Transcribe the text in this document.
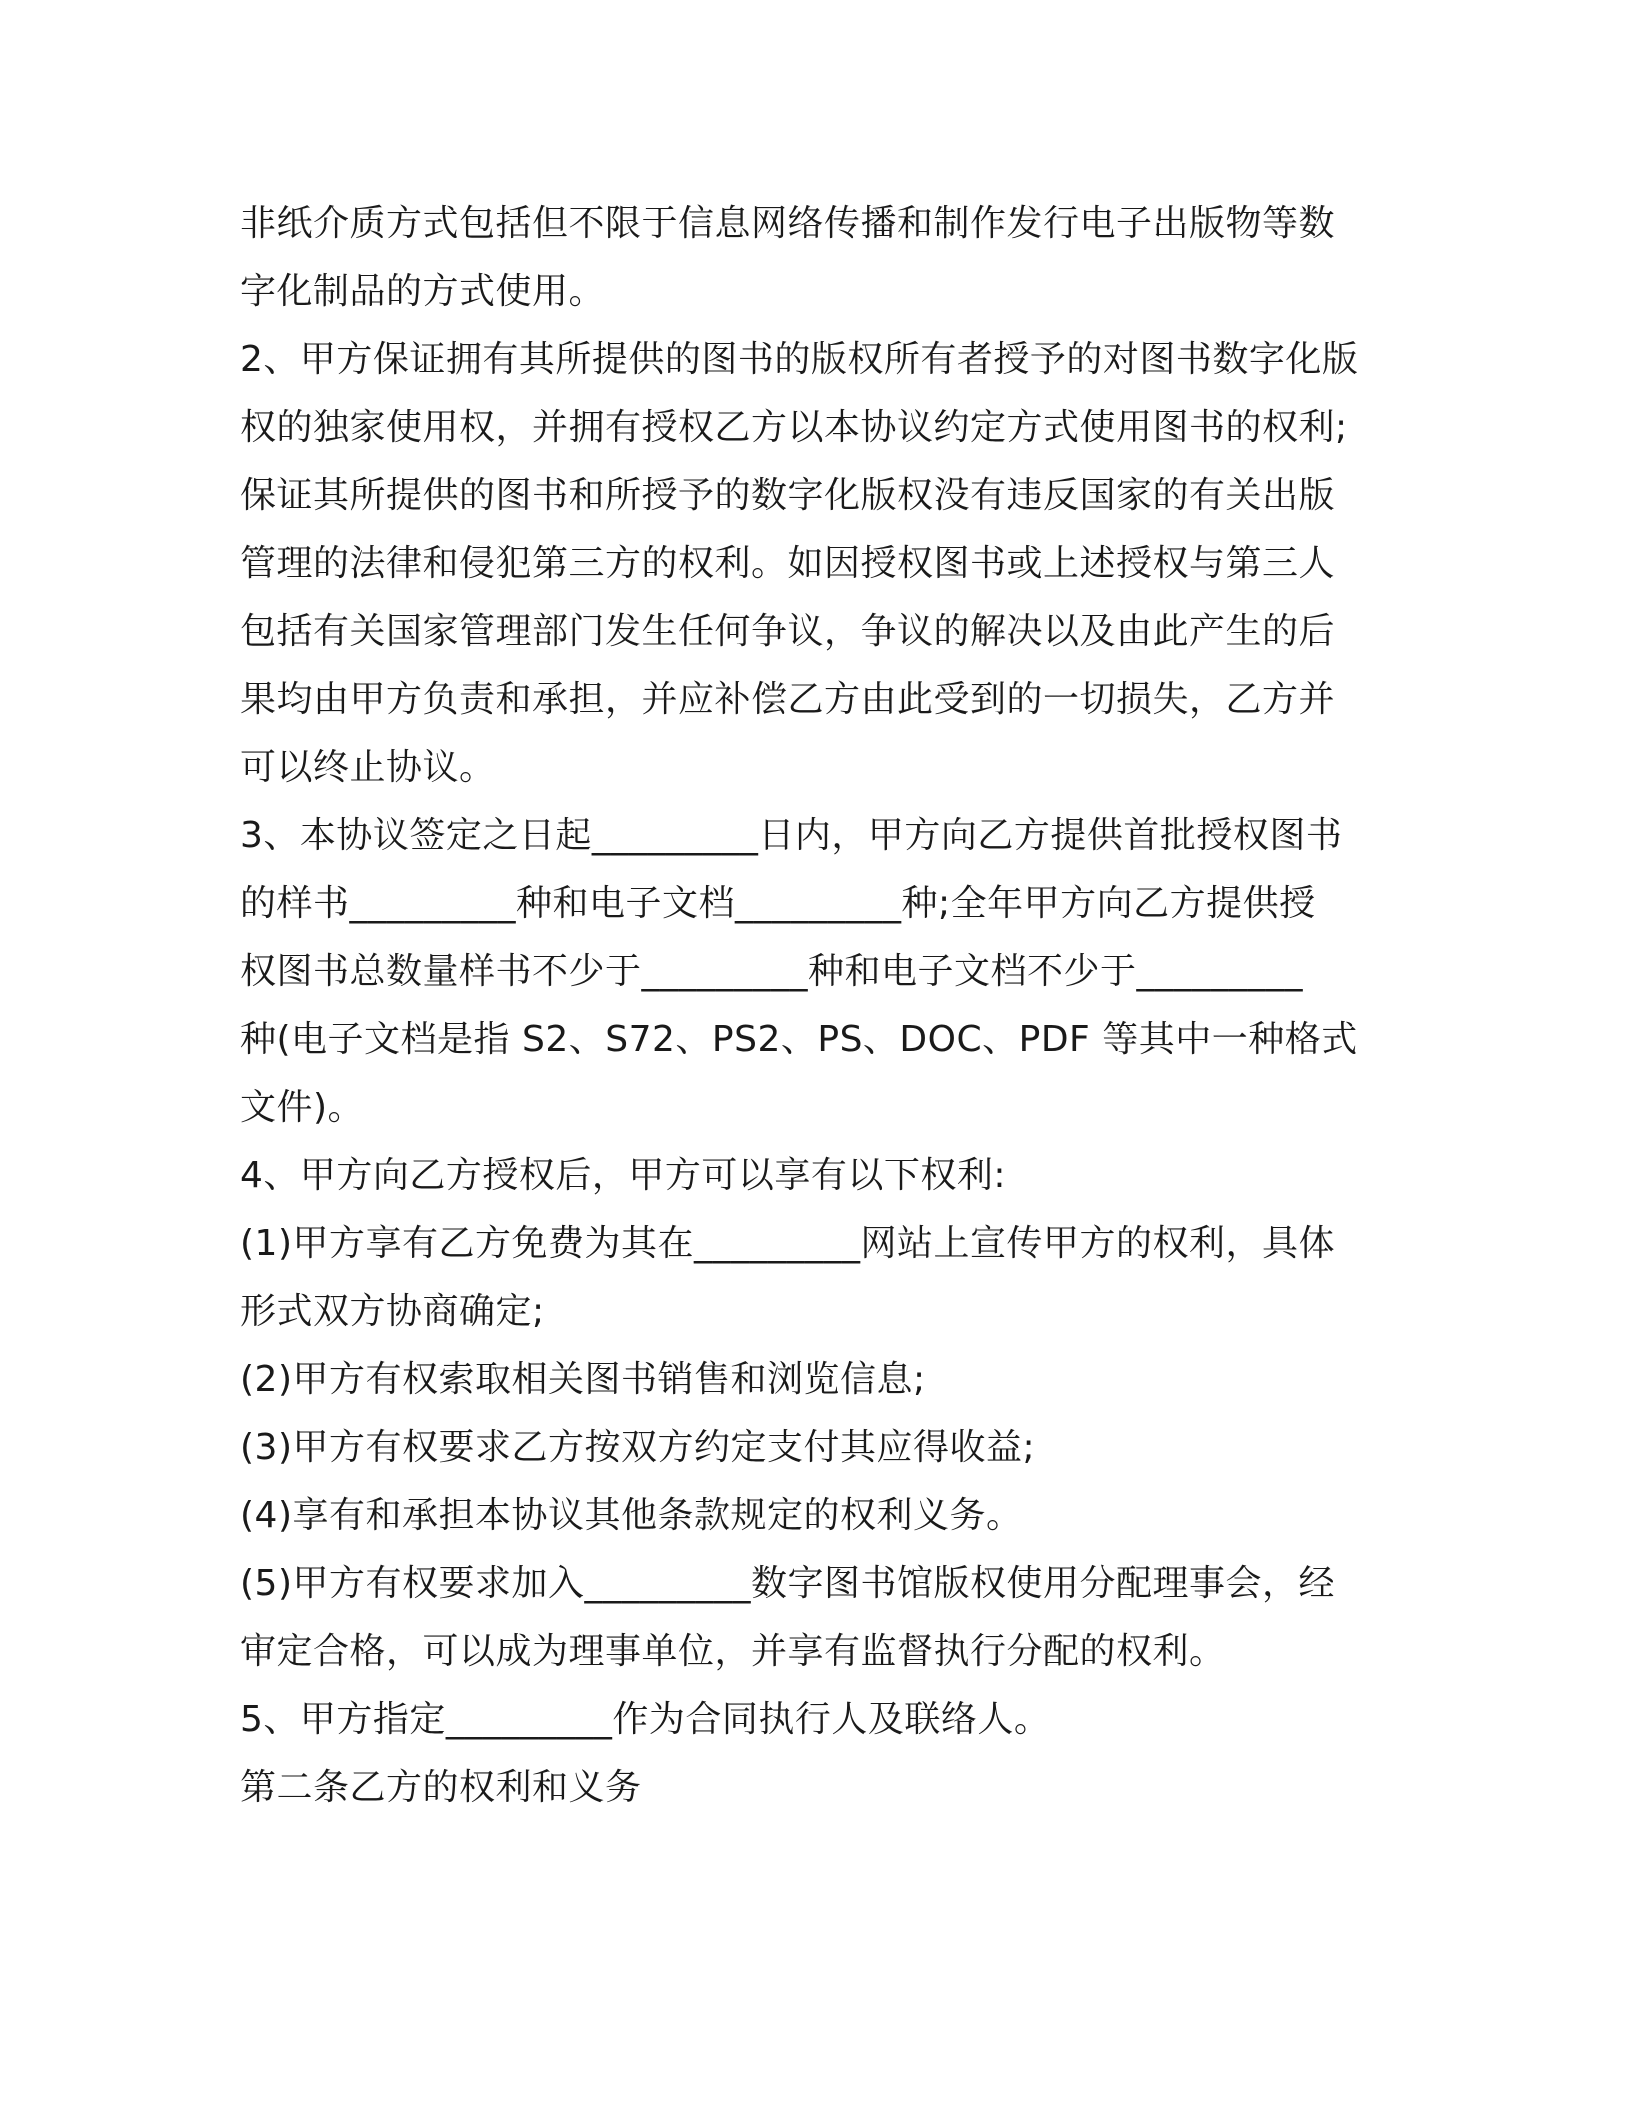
非纸介质方式包括但不限于信息网络传播和制作发行电子出版物等数
字化制品的方式使用。
2、甲方保证拥有其所提供的图书的版权所有者授予的对图书数字化版
权的独家使用权，并拥有授权乙方以本协议约定方式使用图书的权利;
保证其所提供的图书和所授予的数字化版权没有违反国家的有关出版
管理的法律和侵犯第三方的权利。如因授权图书或上述授权与第三人
包括有关国家管理部门发生任何争议，争议的解决以及由此产生的后
果均由甲方负责和承担，并应补偿乙方由此受到的一切损失，乙方并
可以终止协议。
3、本协议签定之日起_________日内，甲方向乙方提供首批授权图书
的样书_________种和电子文档_________种;全年甲方向乙方提供授
权图书总数量样书不少于_________种和电子文档不少于_________
种(电子文档是指 S2、S72、PS2、PS、DOC、PDF 等其中一种格式
文件)。
4、甲方向乙方授权后，甲方可以享有以下权利:
(1)甲方享有乙方免费为其在_________网站上宣传甲方的权利，具体
形式双方协商确定;
(2)甲方有权索取相关图书销售和浏览信息;
(3)甲方有权要求乙方按双方约定支付其应得收益;
(4)享有和承担本协议其他条款规定的权利义务。
(5)甲方有权要求加入_________数字图书馆版权使用分配理事会，经
审定合格，可以成为理事单位，并享有监督执行分配的权利。
5、甲方指定_________作为合同执行人及联络人。
第二条乙方的权利和义务
